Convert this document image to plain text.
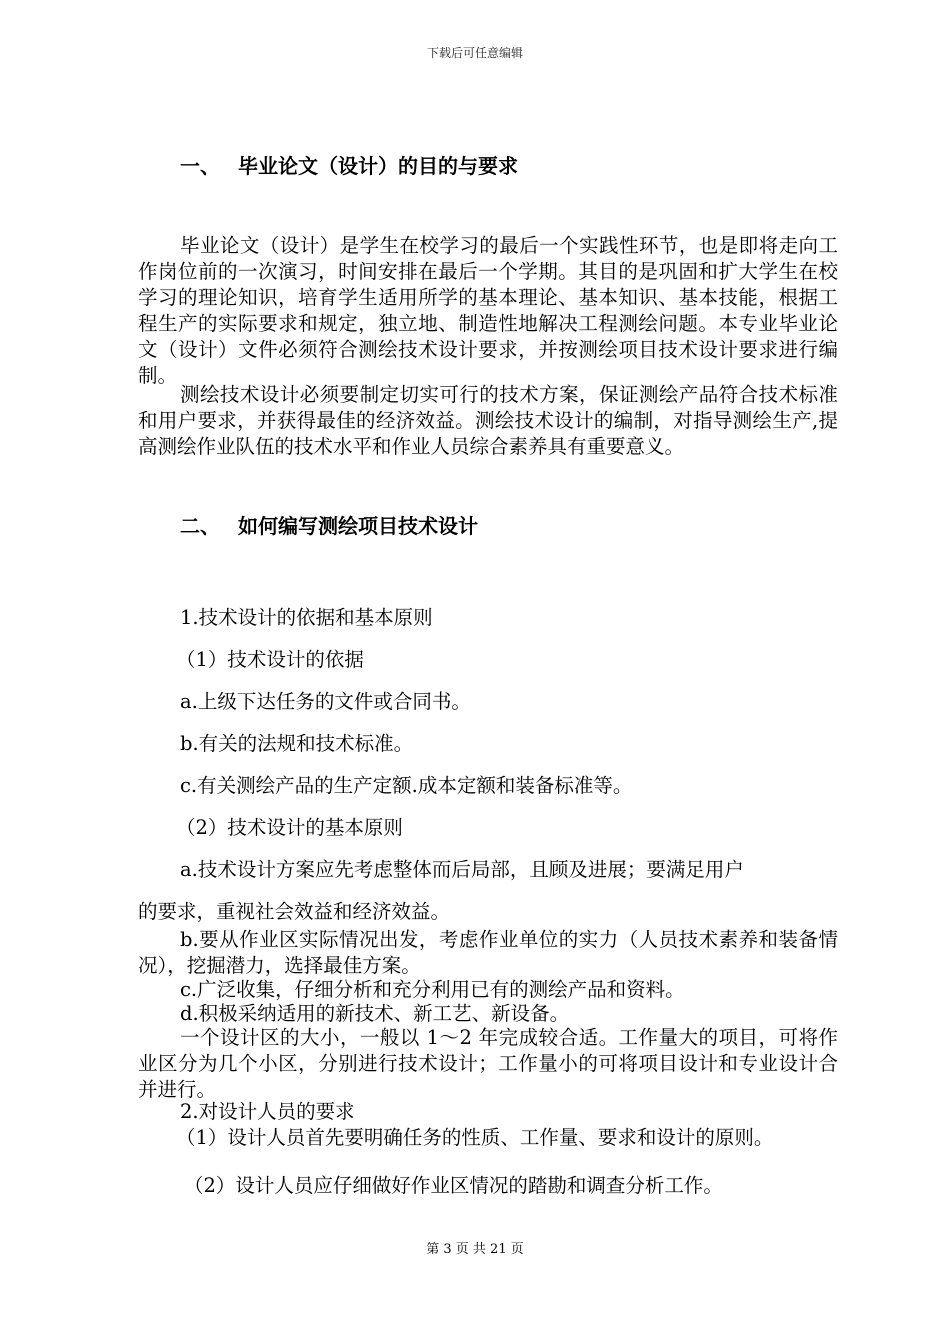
下载后可任意编辑
一、 毕业论文（设计）的目的与要求
毕业论文（设计）是学生在校学习的最后一个实践性环节，也是即将走向工作岗位前的一次演习，时间安排在最后一个学期。其目的是巩固和扩大学生在校学习的理论知识，培育学生适用所学的基本理论、基本知识、基本技能，根据工程生产的实际要求和规定，独立地、制造性地解决工程测绘问题。本专业毕业论文（设计）文件必须符合测绘技术设计要求，并按测绘项目技术设计要求进行编制。
测绘技术设计必须要制定切实可行的技术方案，保证测绘产品符合技术标准和用户要求，并获得最佳的经济效益。测绘技术设计的编制，对指导测绘生产,提高测绘作业队伍的技术水平和作业人员综合素养具有重要意义。
二、 如何编写测绘项目技术设计
1.技术设计的依据和基本原则
（1）技术设计的依据
a.上级下达任务的文件或合同书。
b.有关的法规和技术标准。
c.有关测绘产品的生产定额.成本定额和装备标准等。
（2）技术设计的基本原则
a.技术设计方案应先考虑整体而后局部，且顾及进展；要满足用户
的要求，重视社会效益和经济效益。
b.要从作业区实际情况出发，考虑作业单位的实力（人员技术素养和装备情况），挖掘潜力，选择最佳方案。
c.广泛收集，仔细分析和充分利用已有的测绘产品和资料。
d.积极采纳适用的新技术、新工艺、新设备。
一个设计区的大小，一般以 1～2 年完成较合适。工作量大的项目，可将作业区分为几个小区，分别进行技术设计；工作量小的可将项目设计和专业设计合并进行。
2.对设计人员的要求
（1）设计人员首先要明确任务的性质、工作量、要求和设计的原则。
（2）设计人员应仔细做好作业区情况的踏勘和调查分析工作。
第 3 页 共 21 页
